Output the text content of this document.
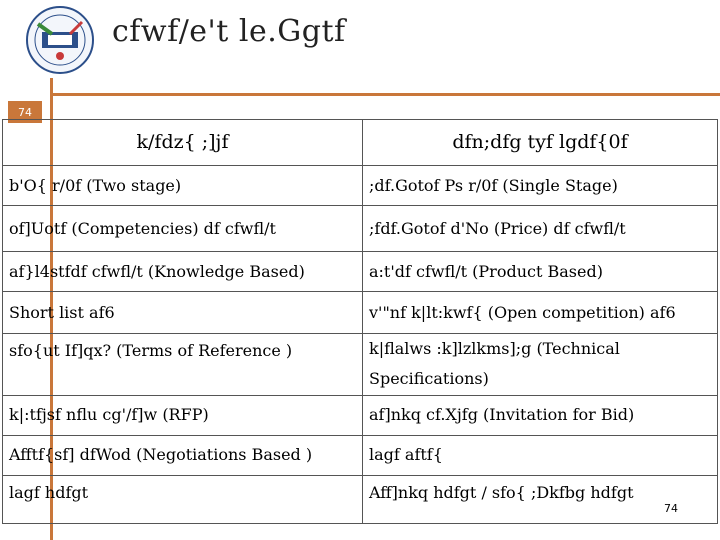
cfwf/e't le.Ggtf
74
k/fdz{ ;]jf	dfn;dfg tyf lgdf{0f
b'O{ r/0f (Two stage)	;df.Gotof Ps r/0f (Single Stage)
of]Uotf (Competencies) df cfwfl/t	;fdf.Gotof d'No (Price) df cfwfl/t
af}l4stfdf cfwfl/t (Knowledge Based)	a:t'df cfwfl/t (Product Based)
Short list af6	v'"nf k|lt:kwf{ (Open competition) af6
sfo{ut If]qx? (Terms of Reference )	k|flalws :k]lzlkms];g (Technical Specifications)
k|:tfjsf nflu cg'/f]w (RFP)	af]nkq cf.Xjfg (Invitation for Bid)
Afftf{sf] dfWod (Negotiations Based )	lagf aftf{
lagf hdfgt	Aff]nkq hdfgt / sfo{ ;Dkfbg hdfgt
74
